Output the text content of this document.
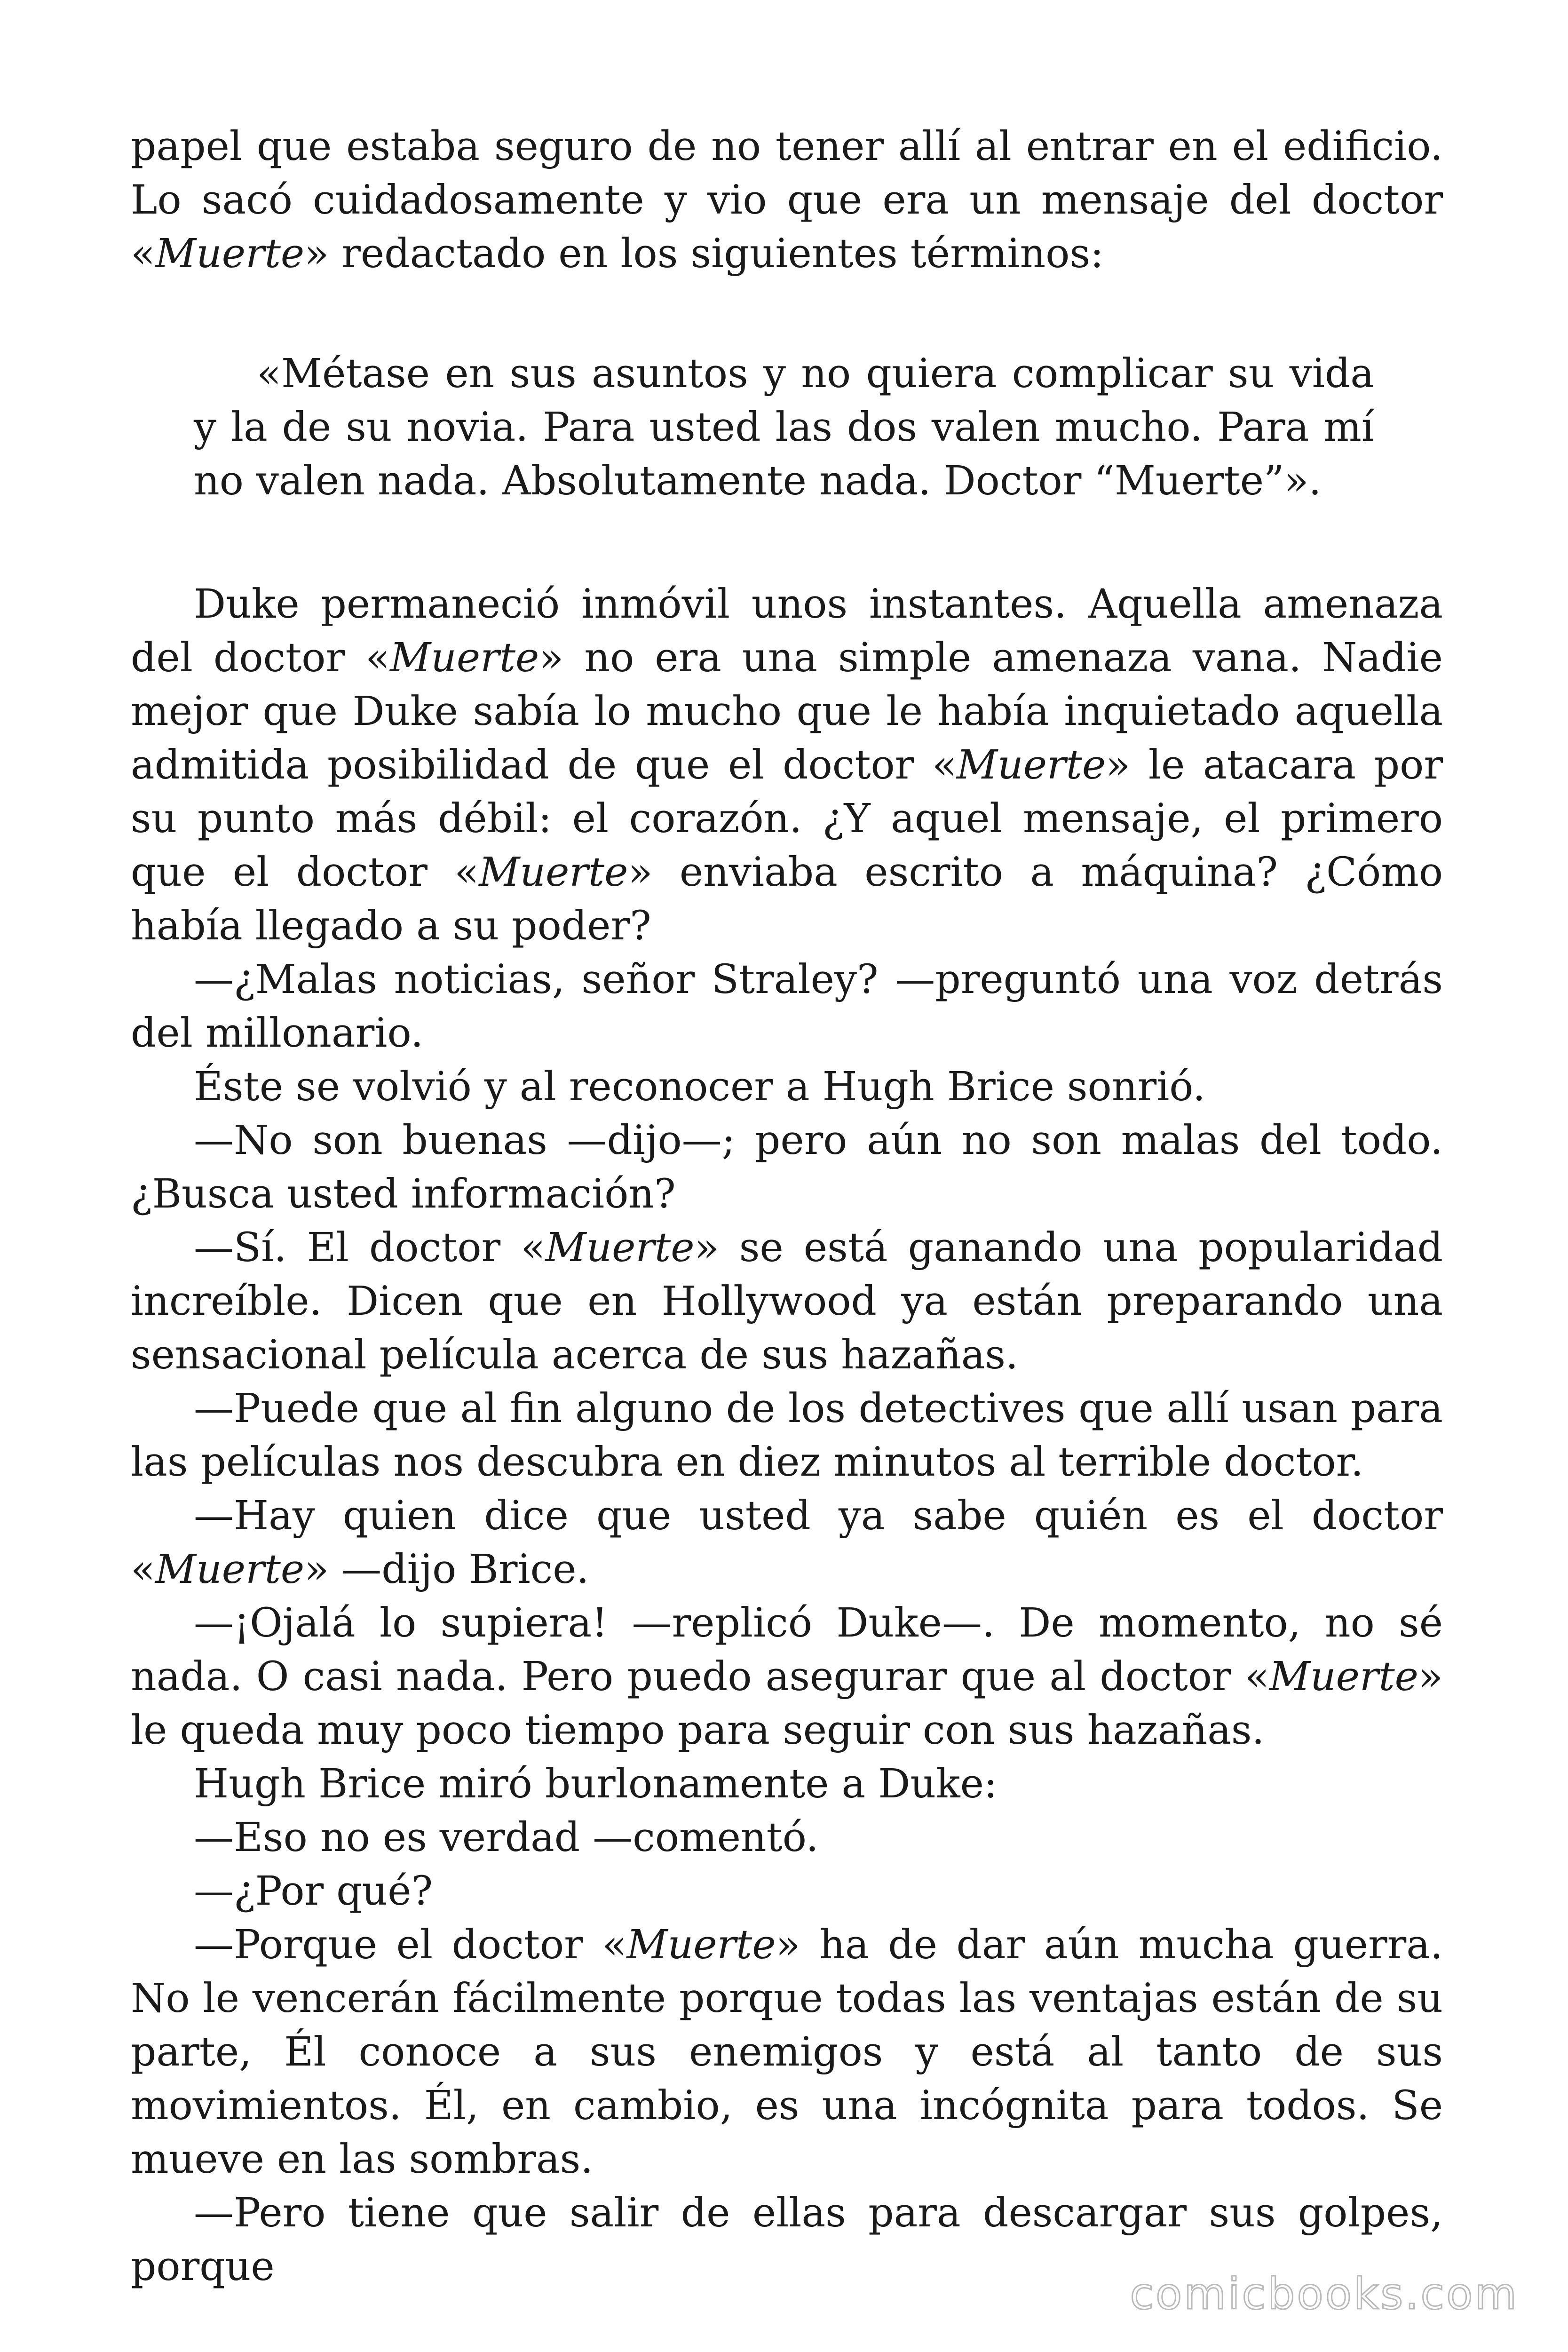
papel que estaba seguro de no tener allí al entrar en el edificio. Lo sacó cuidadosamente y vio que era un mensaje del doctor «Muerte» redactado en los siguientes términos:

«Métase en sus asuntos y no quiera complicar su vida y la de su novia. Para usted las dos valen mucho. Para mí no valen nada. Absolutamente nada. Doctor “Muerte”».

Duke permaneció inmóvil unos instantes. Aquella amenaza del doctor «Muerte» no era una simple amenaza vana. Nadie mejor que Duke sabía lo mucho que le había inquietado aquella admitida posibilidad de que el doctor «Muerte» le atacara por su punto más débil: el corazón. ¿Y aquel mensaje, el primero que el doctor «Muerte» enviaba escrito a máquina? ¿Cómo había llegado a su poder?

—¿Malas noticias, señor Straley? —preguntó una voz detrás del millonario.

Éste se volvió y al reconocer a Hugh Brice sonrió.

—No son buenas —dijo—; pero aún no son malas del todo. ¿Busca usted información?

—Sí. El doctor «Muerte» se está ganando una popularidad increíble. Dicen que en Hollywood ya están preparando una sensacional película acerca de sus hazañas.

—Puede que al fin alguno de los detectives que allí usan para las películas nos descubra en diez minutos al terrible doctor.

—Hay quien dice que usted ya sabe quién es el doctor «Muerte» —dijo Brice.

—¡Ojalá lo supiera! —replicó Duke—. De momento, no sé nada. O casi nada. Pero puedo asegurar que al doctor «Muerte» le queda muy poco tiempo para seguir con sus hazañas.

Hugh Brice miró burlonamente a Duke:

—Eso no es verdad —comentó.

—¿Por qué?

—Porque el doctor «Muerte» ha de dar aún mucha guerra. No le vencerán fácilmente porque todas las ventajas están de su parte, Él conoce a sus enemigos y está al tanto de sus movimientos. Él, en cambio, es una incógnita para todos. Se mueve en las sombras.

—Pero tiene que salir de ellas para descargar sus golpes, porque

comicbooks.com
